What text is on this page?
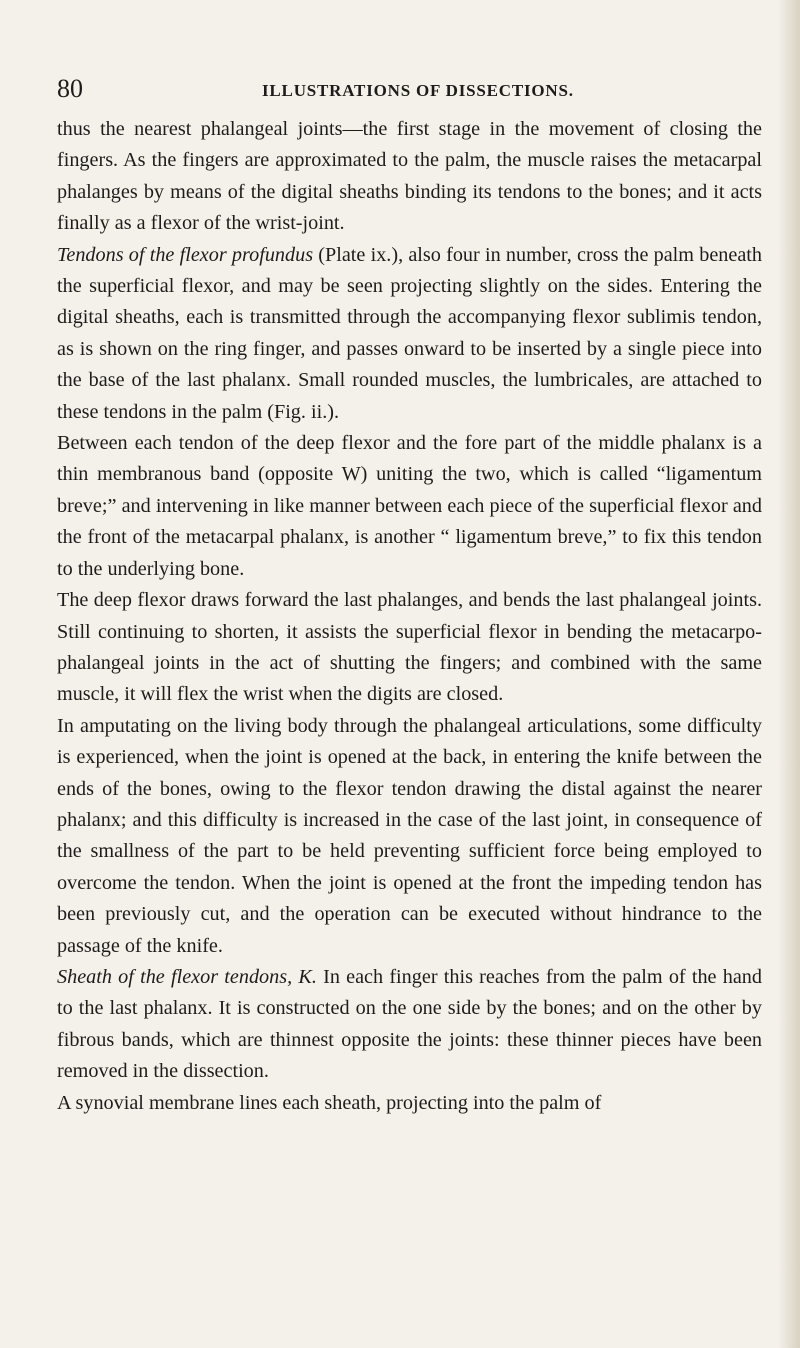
80	ILLUSTRATIONS OF DISSECTIONS.

thus the nearest phalangeal joints—the first stage in the movement of closing the fingers. As the fingers are approximated to the palm, the muscle raises the metacarpal phalanges by means of the digital sheaths binding its tendons to the bones; and it acts finally as a flexor of the wrist-joint.

Tendons of the flexor profundus (Plate ix.), also four in number, cross the palm beneath the superficial flexor, and may be seen projecting slightly on the sides. Entering the digital sheaths, each is transmitted through the accompanying flexor sublimis tendon, as is shown on the ring finger, and passes onward to be inserted by a single piece into the base of the last phalanx. Small rounded muscles, the lumbricales, are attached to these tendons in the palm (Fig. ii.).

Between each tendon of the deep flexor and the fore part of the middle phalanx is a thin membranous band (opposite W) uniting the two, which is called “ligamentum breve;” and intervening in like manner between each piece of the superficial flexor and the front of the metacarpal phalanx, is another “ ligamentum breve,” to fix this tendon to the underlying bone.

The deep flexor draws forward the last phalanges, and bends the last phalangeal joints. Still continuing to shorten, it assists the superficial flexor in bending the metacarpo-phalangeal joints in the act of shutting the fingers; and combined with the same muscle, it will flex the wrist when the digits are closed.

In amputating on the living body through the phalangeal articulations, some difficulty is experienced, when the joint is opened at the back, in entering the knife between the ends of the bones, owing to the flexor tendon drawing the distal against the nearer phalanx; and this difficulty is increased in the case of the last joint, in consequence of the smallness of the part to be held preventing sufficient force being employed to overcome the tendon. When the joint is opened at the front the impeding tendon has been previously cut, and the operation can be executed without hindrance to the passage of the knife.

Sheath of the flexor tendons, K. In each finger this reaches from the palm of the hand to the last phalanx. It is constructed on the one side by the bones; and on the other by fibrous bands, which are thinnest opposite the joints: these thinner pieces have been removed in the dissection.

A synovial membrane lines each sheath, projecting into the palm of
